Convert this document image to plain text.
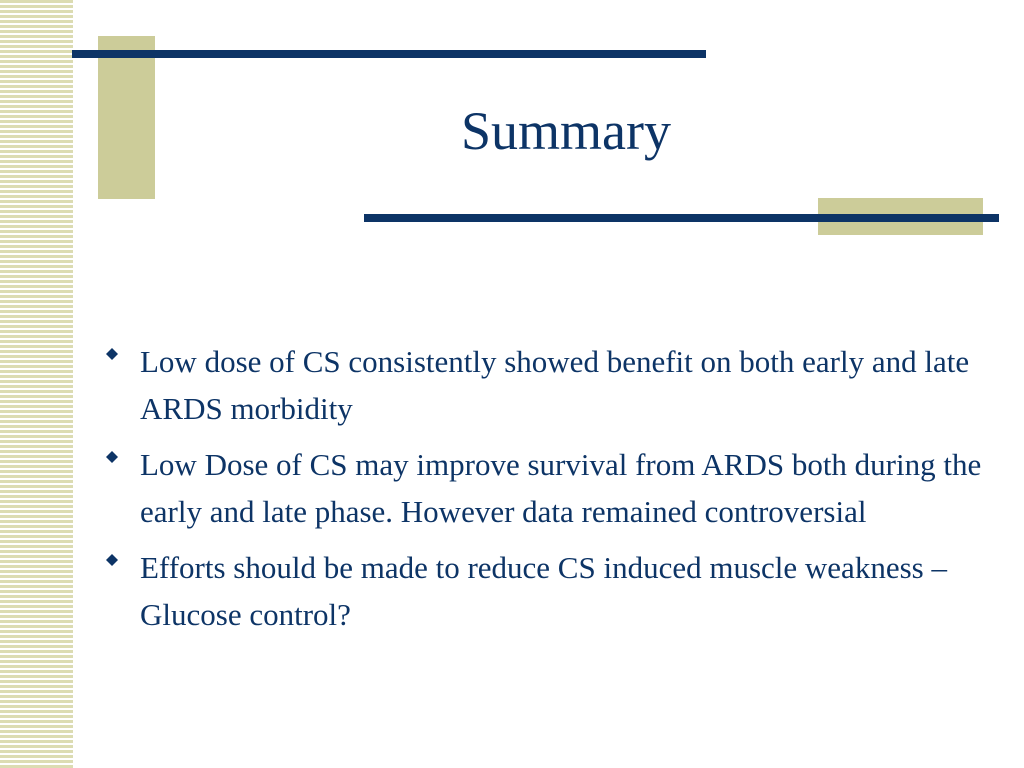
Summary
Low dose of CS consistently showed benefit on both early and late ARDS morbidity
Low Dose of CS may improve survival from ARDS both during the early and late phase. However data remained controversial
Efforts should be made to reduce CS induced muscle weakness – Glucose control?
